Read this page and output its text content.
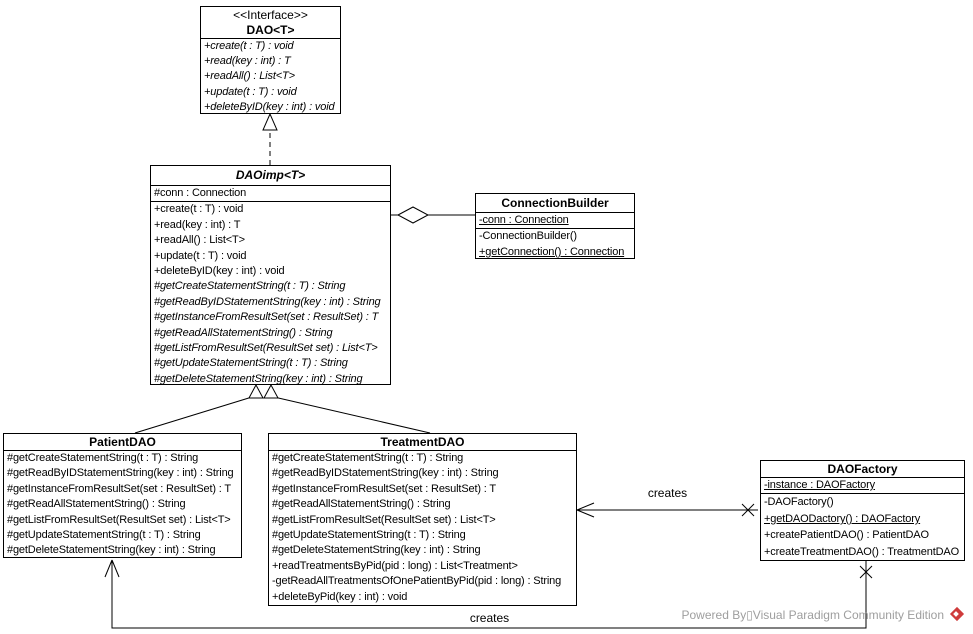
<<Interface>>
DAO<T>
+create(t : T) : void
+read(key : int) : T
+readAll() : List<T>
+update(t : T) : void
+deleteByID(key : int) : void
DAOimp<T>
#conn : Connection
+create(t : T) : void
+read(key : int) : T
+readAll() : List<T>
+update(t : T) : void
+deleteByID(key : int) : void
#getCreateStatementString(t : T) : String
#getReadByIDStatementString(key : int) : String
#getInstanceFromResultSet(set : ResultSet) : T
#getReadAllStatementString() : String
#getListFromResultSet(ResultSet set) : List<T>
#getUpdateStatementString(t : T) : String
#getDeleteStatementString(key : int) : String
ConnectionBuilder
-conn : Connection
-ConnectionBuilder()
+getConnection() : Connection
PatientDAO
#getCreateStatementString(t : T) : String
#getReadByIDStatementString(key : int) : String
#getInstanceFromResultSet(set : ResultSet) : T
#getReadAllStatementString() : String
#getListFromResultSet(ResultSet set) : List<T>
#getUpdateStatementString(t : T) : String
#getDeleteStatementString(key : int) : String
TreatmentDAO
#getCreateStatementString(t : T) : String
#getReadByIDStatementString(key : int) : String
#getInstanceFromResultSet(set : ResultSet) : T
#getReadAllStatementString() : String
#getListFromResultSet(ResultSet set) : List<T>
#getUpdateStatementString(t : T) : String
#getDeleteStatementString(key : int) : String
+readTreatmentsByPid(pid : long) : List<Treatment>
-getReadAllTreatmentsOfOnePatientByPid(pid : long) : String
+deleteByPid(key : int) : void
DAOFactory
-instance : DAOFactory
-DAOFactory()
+getDAODactory() : DAOFactory
+createPatientDAO() : PatientDAO
+createTreatmentDAO() : TreatmentDAO
creates
creates	Powered By▯Visual Paradigm Community Edition
